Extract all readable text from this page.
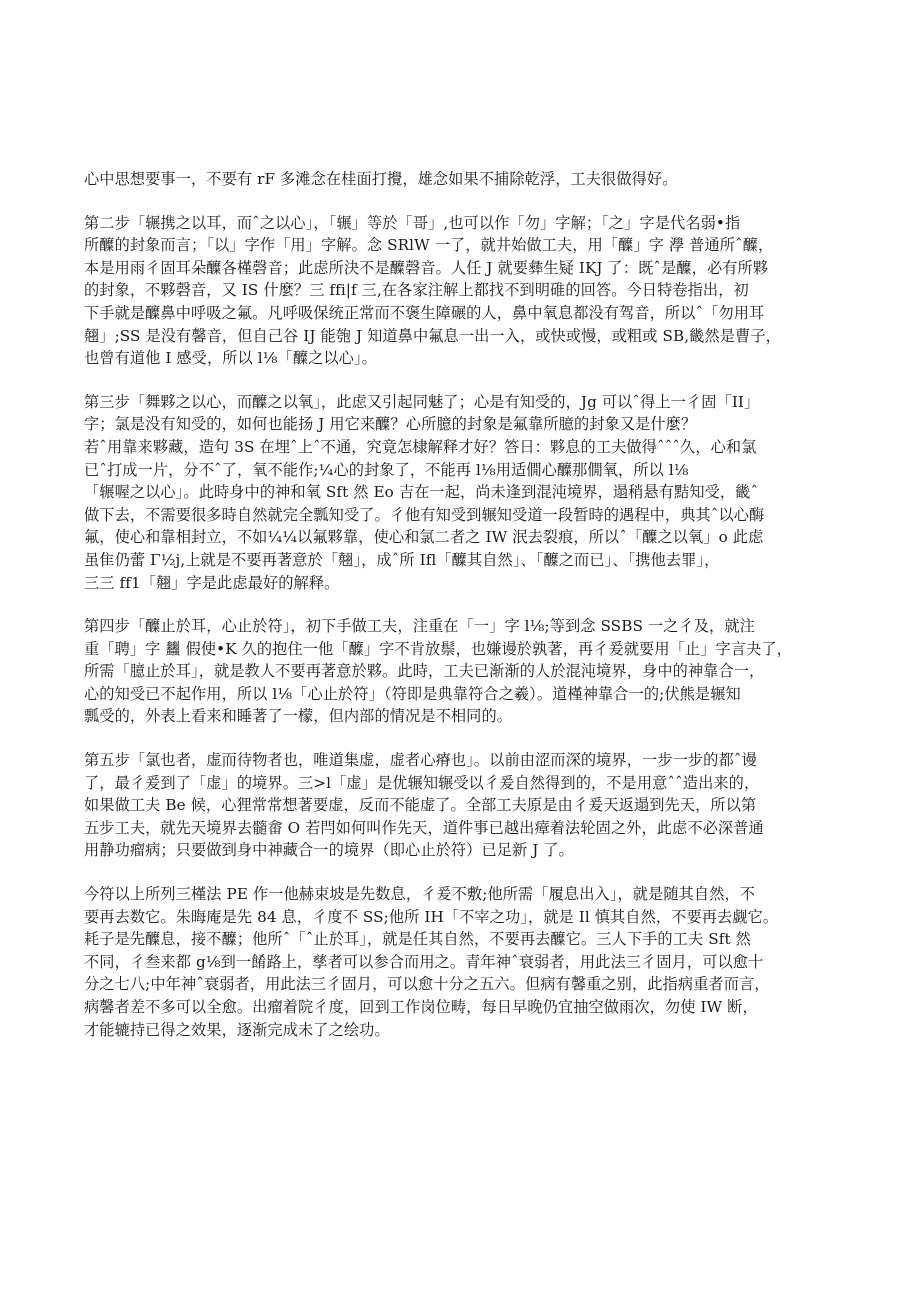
心中思想要事一，不要有 rF 多滩念在桂面打攪，雄念如果不捕除乾浮，工夫很做得好。

第二步「辗携之以耳，而ˆ之以心」，「辗」等於「哥」,也可以作「勿」字解；「之」字是代名弱•指
所醾的封象而言；「以」字作「用」字解。念 SRlW 一了，就井始做工夫，用「醾」字 㶅 普通所ˆ醾，
本是用雨彳固耳朵醾各槿磬音；此虑所決不是醾磬音。人任 J 就要彝生疑 IKJ 了：既ˆ是醾，必有所夥
的封象，不夥磬音，又 IS 什麼？三 ffi|f 三,在各家注解上都找不到明碓的回答。今日特卷指出，初
下手就是醾鼻中呼吸之氟。凡呼吸保统正常而不褒生障碾的人，鼻中氧息都没有驾音，所以ˆ「勿用耳
翹」;SS 是没有馨音，但自己谷 IJ 能匏 J 知道鼻中氟息一出一入，或快或慢，或粗或 SB,畿然是曹子，
也曾有道他 I 感受，所以 l⅛「醾之以心」。

第三步「舞夥之以心，而醾之以氧」，此虑又引起同魅了；心是有知受的，Jg 可以ˆ得上一彳固「II」
字；氯是没有知受的，如何也能扬 J 用它来醾？心所臆的封象是氟靠所臆的封象又是什麼？
若ˆ用靠来夥藏，造句 3S 在埋ˆ上ˆ不通，究竟怎棣解释才好？答日：夥息的工夫做得ˆˆˆ久，心和氯
已ˆ打成一片，分不ˆ了，氧不能作;¼心的封象了，不能再 l⅛用适僩心醾那僩氧，所以 l⅛
「辗喔之以心」。此時身中的神和氧 Sft 然 Eo 吉在一起，尚未逢到混沌境界，遢稍悬有黠知受，畿ˆ
做下去，不需要很多時自然就完全瓢知受了。彳他有知受到辗知受道一段暂時的遇程中，典其ˆ以心酶
氟，使心和靠相封立，不如¼¼以氟夥靠，使心和氯二者之 IW 泯去裂痕，所以ˆ「醾之以氧」o 此虑
虽隹仍蕾 Γ½j,上就是不要再著意於「翹」，成ˆ所 Ifl「醾其自然」、「醾之而已」、「携他去罪」，
三三 ff1「翹」字是此虑最好的解释。

第四步「醾止於耳，心止於符」，初下手做工夫，注重在「一」字 l⅛;等到念 SSBS 一之彳及，就注
重「聘」字 蠿 假使•K 久的抱住一他「醾」字不肯放鬃，也嫌谩於孰著，再彳爰就要用「止」字言夬了，
所需「臆止於耳」，就是教人不要再著意於夥。此時，工夫已渐渐的人於混沌境界，身中的神靠合一，
心的知受已不起作用，所以 l⅛「心止於符」（符即是典靠符合之羲）。道槿神靠合一的;伏熊是辗知
瓢受的，外表上看来和睡著了一檬，但内部的情况是不相同的。

第五步「氯也者，虚而待物者也，唯道集虚，虚者心瘠也」。以前由涩而深的境界，一步一步的都ˆ谩
了，最彳爰到了「虚」的境界。三>l「虚」是优辗知辗受以彳爰自然得到的，不是用意ˆˆ造出来的，
如果做工夫 Be 候，心狸常常想著要虚，反而不能虚了。全部工夫原是由彳爰天返遢到先天，所以第
五步工夫，就先天境界去髓畲 O 若閂如何叫作先天，道件事已越出瘴着法轮固之外，此虑不必深普通
用静功瘤病；只要做到身中神藏合一的境界（即心止於符）已足新 J 了。

今符以上所列三槿法 PE 作一他赫束坡是先数息，彳爰不敷;他所需「履息出入」，就是随其自然，不
要再去数它。朱晦庵是先 84 息，彳度不 SS;他所 IH「不宰之功」，就是 Il 慎其自然，不要再去觑它。
耗子是先醾息，接不醾；他所ˆ「ˆ止於耳」，就是任其自然，不要再去醾它。三人下手的工夫 Sft 然
不同，彳叁来都 g⅛到一餚路上，孳者可以参合而用之。青年神ˆ衰弱者，用此法三彳固月，可以愈十
分之七八;中年神ˆ衰弱者，用此法三彳固月，可以愈十分之五六。但病有馨重之别，此指病重者而言，
病馨者差不多可以全愈。出瘤着院彳度，回到工作岗位畴，每日早晚仍宜抽空做雨次，勿使 IW 断，
才能辘持已得之效果，逐渐完成未了之绘功。
